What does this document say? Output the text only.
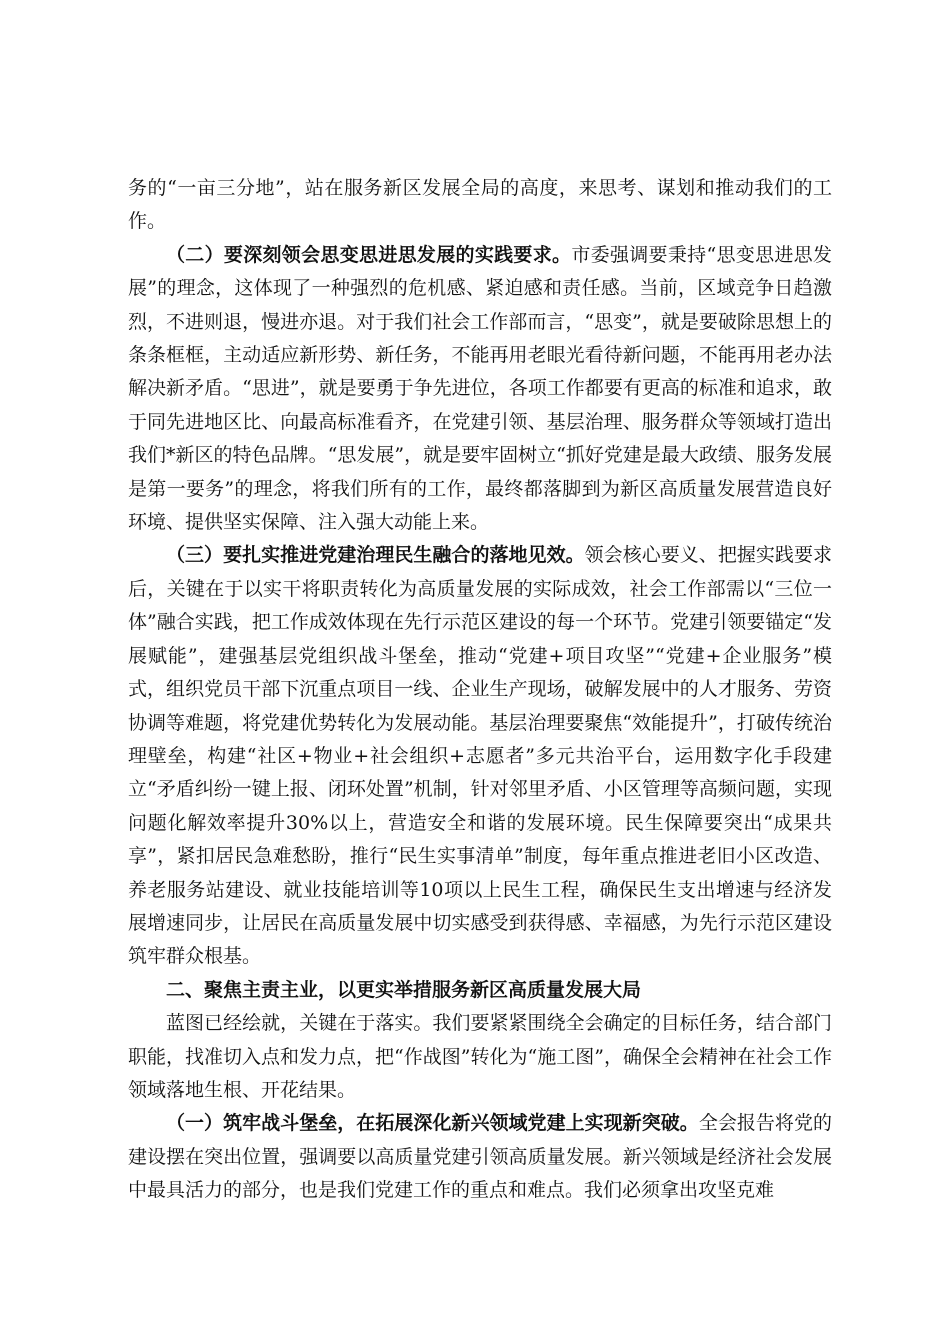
务的“一亩三分地”，站在服务新区发展全局的高度，来思考、谋划和推动我们的工作。

（二）要深刻领会思变思进思发展的实践要求。市委强调要秉持“思变思进思发展”的理念，这体现了一种强烈的危机感、紧迫感和责任感。当前，区域竞争日趋激烈，不进则退，慢进亦退。对于我们社会工作部而言，“思变”，就是要破除思想上的条条框框，主动适应新形势、新任务，不能再用老眼光看待新问题，不能再用老办法解决新矛盾。“思进”，就是要勇于争先进位，各项工作都要有更高的标准和追求，敢于同先进地区比、向最高标准看齐，在党建引领、基层治理、服务群众等领域打造出我们*新区的特色品牌。“思发展”，就是要牢固树立“抓好党建是最大政绩、服务发展是第一要务”的理念，将我们所有的工作，最终都落脚到为新区高质量发展营造良好环境、提供坚实保障、注入强大动能上来。

（三）要扎实推进党建治理民生融合的落地见效。领会核心要义、把握实践要求后，关键在于以实干将职责转化为高质量发展的实际成效，社会工作部需以“三位一体”融合实践，把工作成效体现在先行示范区建设的每一个环节。党建引领要锚定“发展赋能”，建强基层党组织战斗堡垒，推动“党建+项目攻坚”“党建+企业服务”模式，组织党员干部下沉重点项目一线、企业生产现场，破解发展中的人才服务、劳资协调等难题，将党建优势转化为发展动能。基层治理要聚焦“效能提升”，打破传统治理壁垒，构建“社区+物业+社会组织+志愿者”多元共治平台，运用数字化手段建立“矛盾纠纷一键上报、闭环处置”机制，针对邻里矛盾、小区管理等高频问题，实现问题化解效率提升30%以上，营造安全和谐的发展环境。民生保障要突出“成果共享”，紧扣居民急难愁盼，推行“民生实事清单”制度，每年重点推进老旧小区改造、养老服务站建设、就业技能培训等10项以上民生工程，确保民生支出增速与经济发展增速同步，让居民在高质量发展中切实感受到获得感、幸福感，为先行示范区建设筑牢群众根基。

二、聚焦主责主业，以更实举措服务新区高质量发展大局

蓝图已经绘就，关键在于落实。我们要紧紧围绕全会确定的目标任务，结合部门职能，找准切入点和发力点，把“作战图”转化为“施工图”，确保全会精神在社会工作领域落地生根、开花结果。

（一）筑牢战斗堡垒，在拓展深化新兴领域党建上实现新突破。全会报告将党的建设摆在突出位置，强调要以高质量党建引领高质量发展。新兴领域是经济社会发展中最具活力的部分，也是我们党建工作的重点和难点。我们必须拿出攻坚克难
